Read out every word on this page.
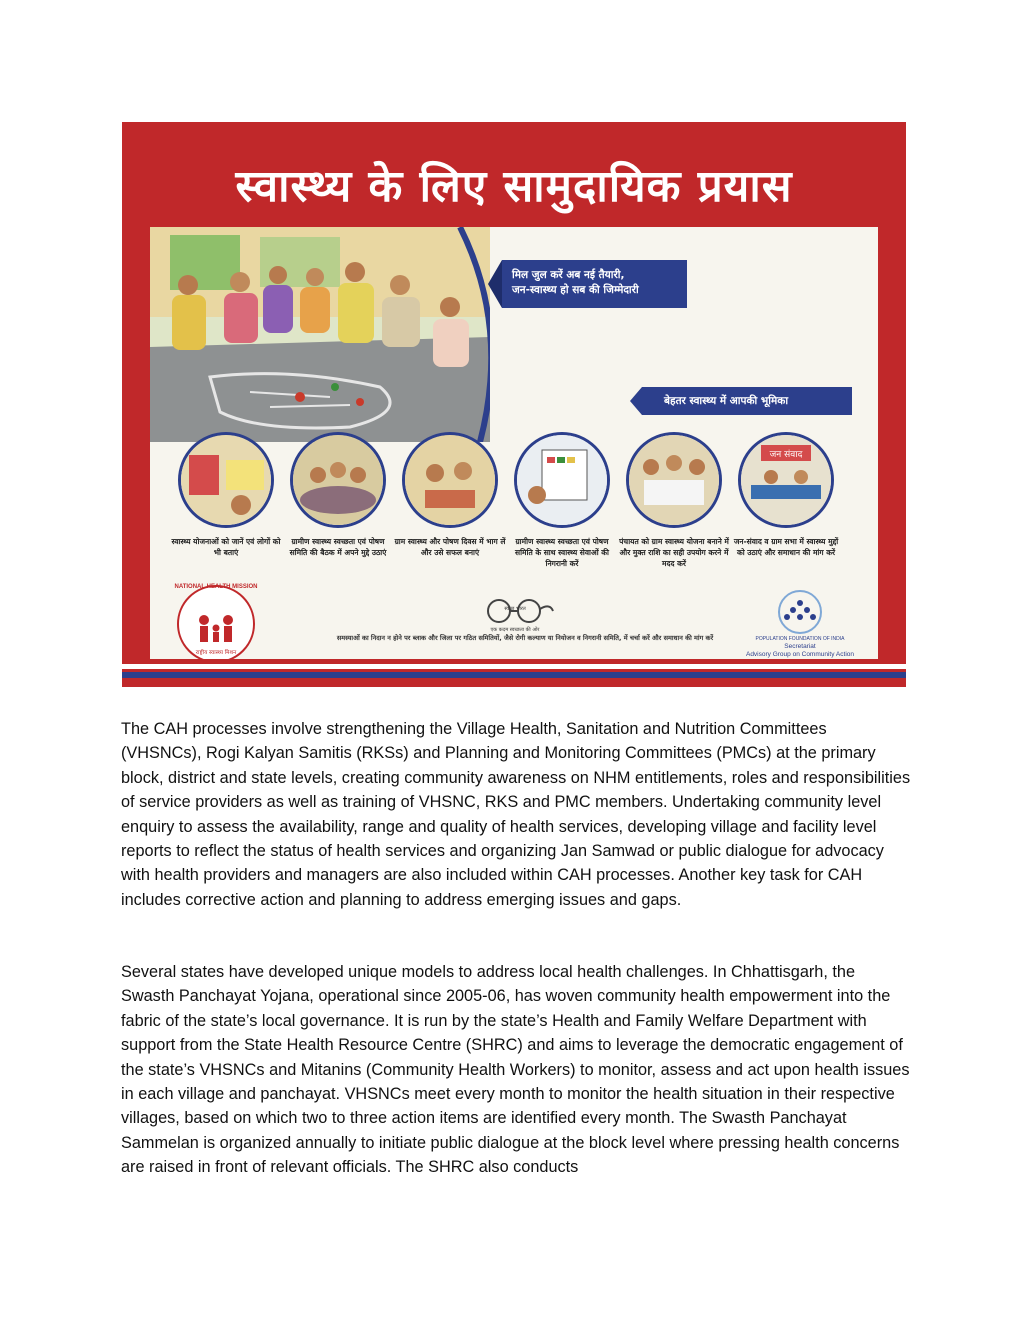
स्वास्थ्य के लिए सामुदायिक प्रयास
मिल जुल करें अब नई तैयारी,
जन-स्वास्थ्य हो सब की जिम्मेदारी
बेहतर स्वास्थ्य में आपकी भूमिका
स्वास्थ्य योजनाओं को जानें एवं लोगों को भी बताएं
ग्रामीण स्वास्थ्य स्वच्छता एवं पोषण समिति की बैठक में अपने मुद्दे उठाएं
ग्राम स्वास्थ्य और पोषण दिवस में भाग लें और उसे सफल बनाएं
ग्रामीण स्वास्थ्य स्वच्छता एवं पोषण समिति के साथ स्वास्थ्य सेवाओं की निगरानी करें
पंचायत को ग्राम स्वास्थ्य योजना बनाने में और मुक्त राशि का सही उपयोग करने में मदद करें
जन संवाद
जन-संवाद व ग्राम सभा में स्वास्थ्य मुद्दों को उठाएं और समाधान की मांग करें
NATIONAL HEALTH MISSION
राष्ट्रीय स्वास्थ्य मिशन
स्वच्छ भारत
एक कदम स्वच्छता की ओर
समस्याओं का निदान न होने पर ब्लाक और जिला पर गठित समितियों, जैसे रोगी कल्याण या नियोजन व निगरानी समिति, में चर्चा करें और समाधान की मांग करें	POPULATION FOUNDATION OF INDIA
Secretariat
Advisory Group on Community Action

The CAH processes involve strengthening the Village Health, Sanitation and Nutrition Committees (VHSNCs), Rogi Kalyan Samitis (RKSs) and Planning and Monitoring Committees (PMCs) at the primary block, district and state levels, creating community awareness on NHM entitlements, roles and responsibilities of service providers as well as training of VHSNC, RKS and PMC members. Undertaking community level enquiry to assess the availability, range and quality of health services, developing village and facility level reports to reflect the status of health services and organizing Jan Samwad or public dialogue for advocacy with health providers and managers are also included within CAH processes. Another key task for CAH includes corrective action and planning to address emerging issues and gaps.

Several states have developed unique models to address local health challenges. In Chhattisgarh, the Swasth Panchayat Yojana, operational since 2005-06, has woven community health empowerment into the fabric of the state’s local governance. It is run by the state’s Health and Family Welfare Department with support from the State Health Resource Centre (SHRC) and aims to leverage the democratic engagement of the state’s VHSNCs and Mitanins (Community Health Workers) to monitor, assess and act upon health issues in each village and panchayat. VHSNCs meet every month to monitor the health situation in their respective villages, based on which two to three action items are identified every month. The Swasth Panchayat Sammelan is organized annually to initiate public dialogue at the block level where pressing health concerns are raised in front of relevant officials. The SHRC also conducts
